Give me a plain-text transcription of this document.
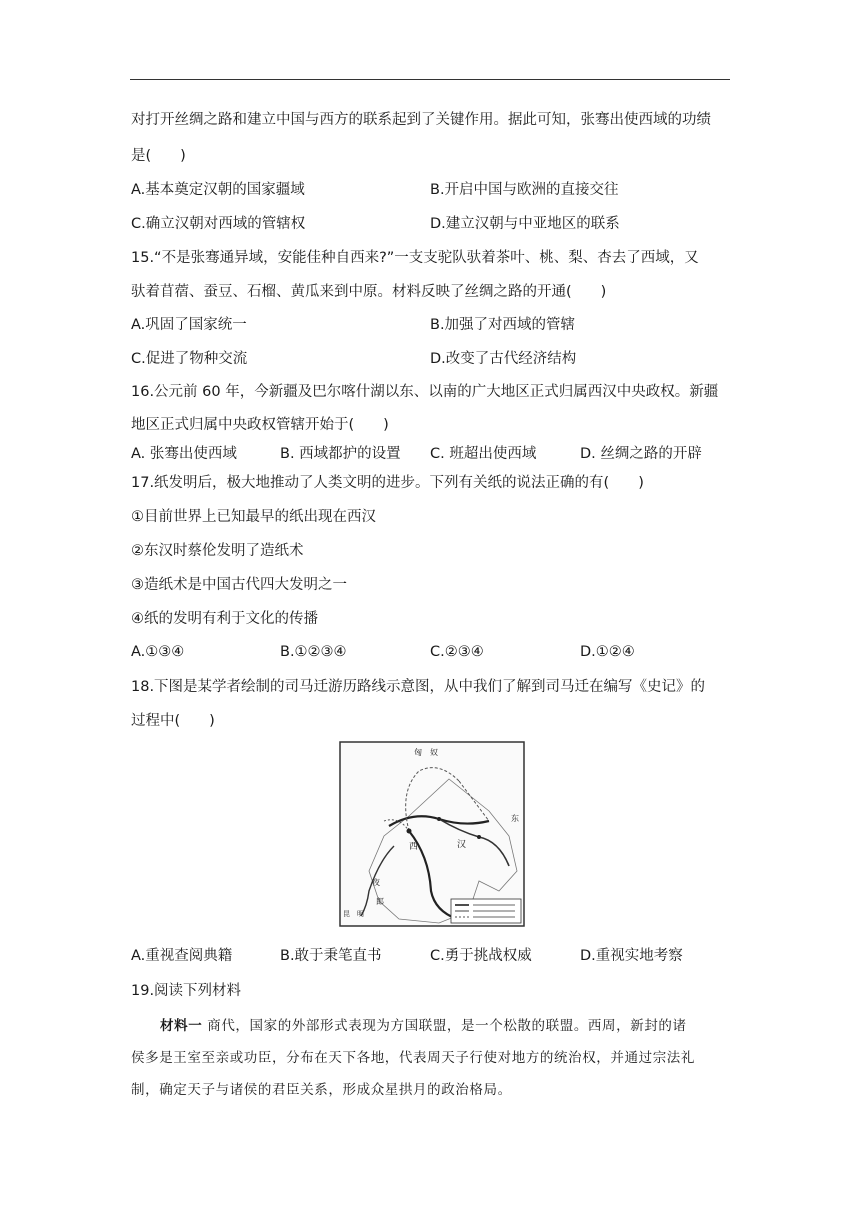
对打开丝绸之路和建立中国与西方的联系起到了关键作用。据此可知，张骞出使西域的功绩
是(　　)
A.基本奠定汉朝的国家疆域	B.开启中国与欧洲的直接交往
C.确立汉朝对西域的管辖权	D.建立汉朝与中亚地区的联系
15.“不是张骞通异域，安能佳种自西来?”一支支驼队驮着茶叶、桃、梨、杏去了西域，又
驮着苜蓿、蚕豆、石榴、黄瓜来到中原。材料反映了丝绸之路的开通(　　)
A.巩固了国家统一	B.加强了对西域的管辖
C.促进了物种交流	D.改变了古代经济结构
16.公元前 60 年，今新疆及巴尔喀什湖以东、以南的广大地区正式归属西汉中央政权。新疆
地区正式归属中央政权管辖开始于(　　)
A. 张骞出使西域	B. 西域都护的设置 C. 班超出使西域	D. 丝绸之路的开辟
17.纸发明后，极大地推动了人类文明的进步。下列有关纸的说法正确的有(　　)
①目前世界上已知最早的纸出现在西汉
②东汉时蔡伦发明了造纸术
③造纸术是中国古代四大发明之一
④纸的发明有利于文化的传播
A.①③④	B.①②③④	C.②③④	D.①②④
18.下图是某学者绘制的司马迁游历路线示意图，从中我们了解到司马迁在编写《史记》的
过程中(　　)
匈　奴
西	汉
东
夜
郎
昆　明
A.重视查阅典籍	B.敢于秉笔直书	C.勇于挑战权威	D.重视实地考察
19.阅读下列材料
材料一 商代，国家的外部形式表现为方国联盟，是一个松散的联盟。西周，新封的诸
侯多是王室至亲或功臣，分布在天下各地，代表周天子行使对地方的统治权，并通过宗法礼
制，确定天子与诸侯的君臣关系，形成众星拱月的政治格局。
